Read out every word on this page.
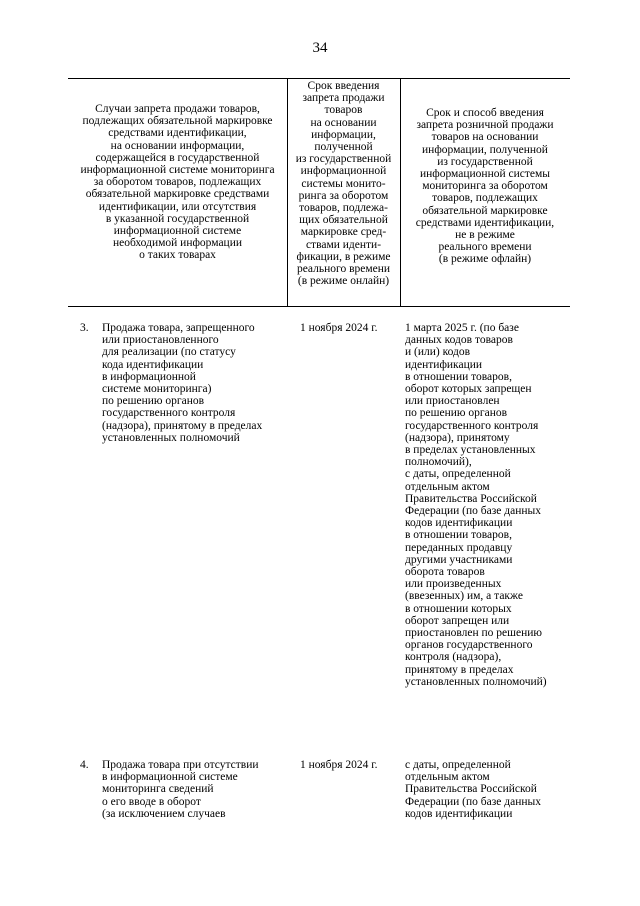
34
Случаи запрета продажи товаров,
подлежащих обязательной маркировке
средствами идентификации,
на основании информации,
содержащейся в государственной
информационной системе мониторинга
за оборотом товаров, подлежащих
обязательной маркировке средствами
идентификации, или отсутствия
в указанной государственной
информационной системе
необходимой информации
о таких товарах
Срок введения
запрета продажи товаров
на основании
информации,
полученной
из государственной
информационной
системы монито-
ринга за оборотом
товаров, подлежа-
щих обязательной
маркировке сред-
ствами иденти-
фикации, в режиме
реального времени
(в режиме онлайн)
Срок и способ введения
запрета розничной продажи
товаров на основании
информации, полученной
из государственной
информационной системы
мониторинга за оборотом
товаров, подлежащих
обязательной маркировке
средствами идентификации,
не в режиме
реального времени
(в режиме офлайн)
3. Продажа товара, запрещенного
или приостановленного
для реализации (по статусу
кода идентификации
в информационной
системе мониторинга)
по решению органов
государственного контроля
(надзора), принятому в пределах
установленных полномочий
1 ноября 2024 г.	1 марта 2025 г. (по базе
данных кодов товаров
и (или) кодов
идентификации
в отношении товаров,
оборот которых запрещен
или приостановлен
по решению органов
государственного контроля
(надзора), принятому
в пределах установленных
полномочий),
с даты, определенной
отдельным актом
Правительства Российской
Федерации (по базе данных
кодов идентификации
в отношении товаров,
переданных продавцу
другими участниками
оборота товаров
или произведенных
(ввезенных) им, а также
в отношении которых
оборот запрещен или
приостановлен по решению
органов государственного
контроля (надзора),
принятому в пределах
установленных полномочий)
4. Продажа товара при отсутствии
в информационной системе
мониторинга сведений
о его вводе в оборот
(за исключением случаев
1 ноября 2024 г.	с даты, определенной
отдельным актом
Правительства Российской
Федерации (по базе данных
кодов идентификации
